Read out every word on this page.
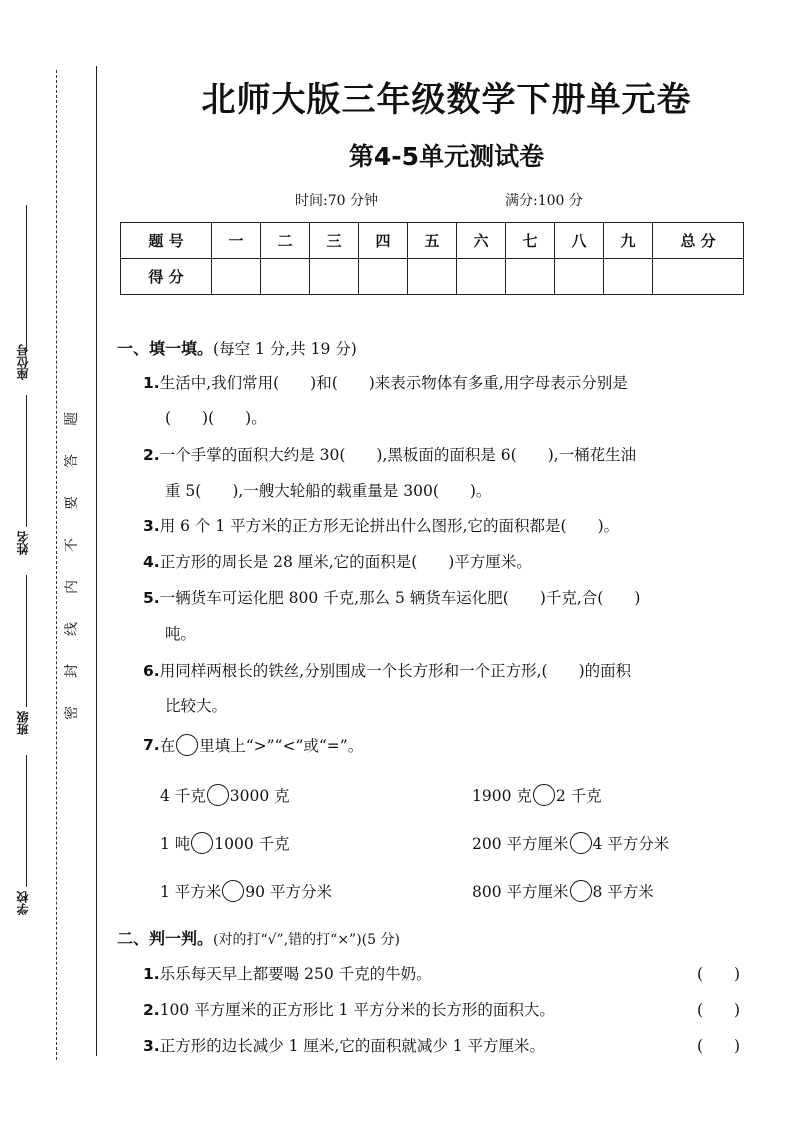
座位号
姓名
班级
学校
题
答
要
不
内
线
封
密
北师大版三年级数学下册单元卷
第4-5单元测试卷
时间:70 分钟	满分:100 分
题 号	一	二	三	四	五	六	七	八	九	总 分
得 分										
一、填一填。(每空 1 分,共 19 分)
1.生活中,我们常用(　　)和(　　)来表示物体有多重,用字母表示分别是
(　　)(　　)。
2.一个手掌的面积大约是 30(　　),黑板面的面积是 6(　　),一桶花生油
重 5(　　),一艘大轮船的载重量是 300(　　)。
3.用 6 个 1 平方米的正方形无论拼出什么图形,它的面积都是(　　)。
4.正方形的周长是 28 厘米,它的面积是(　　)平方厘米。
5.一辆货车可运化肥 800 千克,那么 5 辆货车运化肥(　　)千克,合(　　)
吨。
6.用同样两根长的铁丝,分别围成一个长方形和一个正方形,(　　)的面积
比较大。
7. 在 里填上“>”“<”或“=”。
4 千克 3000 克	1900 克 2 千克
1 吨 1000 千克	200 平方厘米 4 平方分米
1 平方米 90 平方分米	800 平方厘米 8 平方米
二、判一判。(对的打“√”,错的打“×”)(5 分)
1.乐乐每天早上都要喝 250 千克的牛奶。	(　　)
2.100 平方厘米的正方形比 1 平方分米的长方形的面积大。	(　　)
3.正方形的边长减少 1 厘米,它的面积就减少 1 平方厘米。	(　　)
